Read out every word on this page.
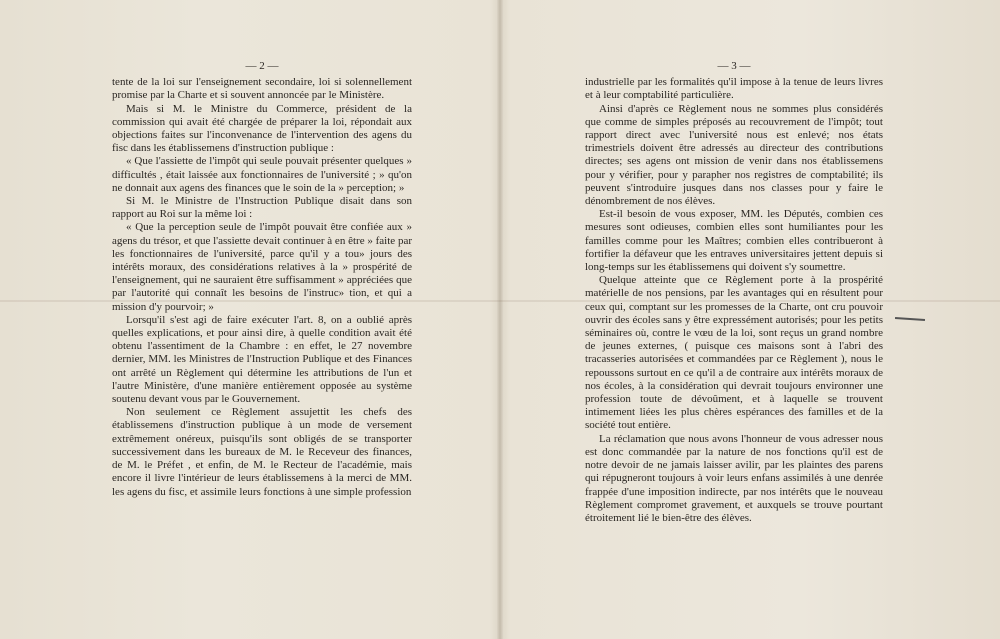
— 2 —

tente de la loi sur l'enseignement secondaire, loi si solennellement promise par la Charte et si souvent annoncée par le Ministère.

Mais si M. le Ministre du Commerce, président de la commission qui avait été chargée de préparer la loi, répondait aux objections faites sur l'inconvenance de l'intervention des agens du fisc dans les établissemens d'instruction publique :

« Que l'assiette de l'impôt qui seule pouvait présenter quelques » difficultés , était laissée aux fonctionnaires de l'université ; » qu'on ne donnait aux agens des finances que le soin de la » perception; »

Si M. le Ministre de l'Instruction Publique disait dans son rapport au Roi sur la même loi :

« Que la perception seule de l'impôt pouvait être confiée aux » agens du trésor, et que l'assiette devait continuer à en être » faite par les fonctionnaires de l'université, parce qu'il y a tou» jours des intérêts moraux, des considérations relatives à la » prospérité de l'enseignement, qui ne sauraient être suffisamment » appréciées que par l'autorité qui connaît les besoins de l'instruc» tion, et qui a mission d'y pourvoir; »

Lorsqu'il s'est agi de faire exécuter l'art. 8, on a oublié après quelles explications, et pour ainsi dire, à quelle condition avait été obtenu l'assentiment de la Chambre : en effet, le 27 novembre dernier, MM. les Ministres de l'Instruction Publique et des Finances ont arrêté un Règlement qui détermine les attributions de l'un et l'autre Ministère, d'une manière entièrement opposée au système soutenu devant vous par le Gouvernement.

Non seulement ce Règlement assujettit les chefs des établissemens d'instruction publique à un mode de versement extrêmement onéreux, puisqu'ils sont obligés de se transporter successivement dans les bureaux de M. le Receveur des finances, de M. le Préfet , et enfin, de M. le Recteur de l'académie, mais encore il livre l'intérieur de leurs établissemens à la merci de MM. les agens du fisc, et assimile leurs fonctions à une simple profession

— 3 —

industrielle par les formalités qu'il impose à la tenue de leurs livres et à leur comptabilité particulière.

Ainsi d'après ce Règlement nous ne sommes plus considérés que comme de simples préposés au recouvrement de l'impôt; tout rapport direct avec l'université nous est enlevé; nos états trimestriels doivent être adressés au directeur des contributions directes; ses agens ont mission de venir dans nos établissemens pour y vérifier, pour y parapher nos registres de comptabilité; ils peuvent s'introduire jusques dans nos classes pour y faire le dénombrement de nos élèves.

Est-il besoin de vous exposer, MM. les Députés, combien ces mesures sont odieuses, combien elles sont humiliantes pour les familles comme pour les Maîtres; combien elles contribueront à fortifier la défaveur que les entraves universitaires jettent depuis si long-temps sur les établissemens qui doivent s'y soumettre.

Quelque atteinte que ce Règlement porte à la prospérité matérielle de nos pensions, par les avantages qui en résultent pour ceux qui, comptant sur les promesses de la Charte, ont cru pouvoir ouvrir des écoles sans y être expressément autorisés; pour les petits séminaires où, contre le vœu de la loi, sont reçus un grand nombre de jeunes externes, ( puisque ces maisons sont à l'abri des tracasseries autorisées et commandées par ce Règlement ), nous le repoussons surtout en ce qu'il a de contraire aux intérêts moraux de nos écoles, à la considération qui devrait toujours environner une profession toute de dévoûment, et à laquelle se trouvent intimement liées les plus chères espérances des familles et de la société tout entière.

La réclamation que nous avons l'honneur de vous adresser nous est donc commandée par la nature de nos fonctions qu'il est de notre devoir de ne jamais laisser avilir, par les plaintes des parens qui répugneront toujours à voir leurs enfans assimilés à une denrée frappée d'une imposition indirecte, par nos intérêts que le nouveau Règlement compromet gravement, et auxquels se trouve pourtant étroitement lié le bien-être des élèves.
